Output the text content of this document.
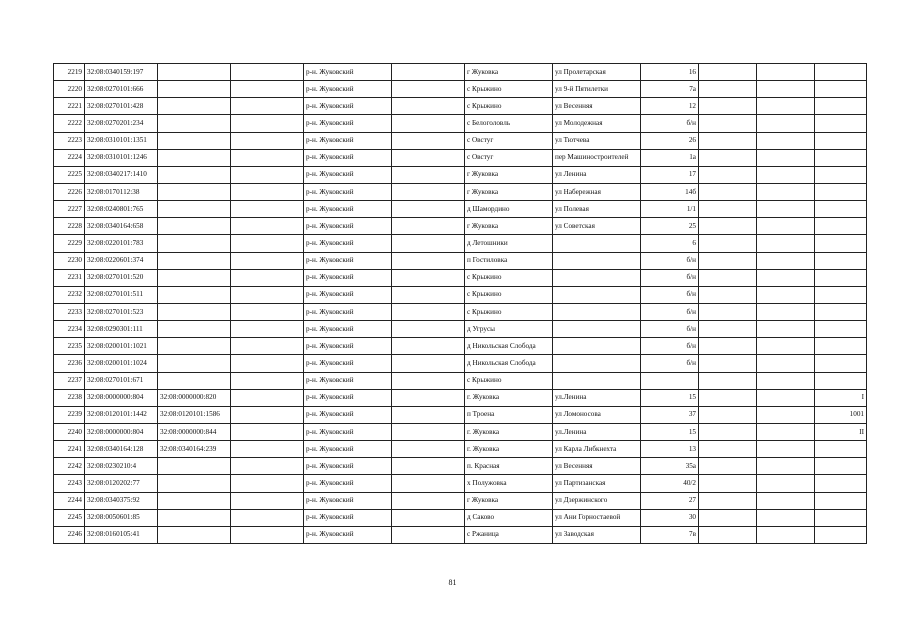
2219	32:08:0340159:197			р-н. Жуковский		г Жуковка	ул Пролетарская	16			
2220	32:08:0270101:666			р-н. Жуковский		с Крыжино	ул 9-й Пятилетки	7а			
2221	32:08:0270101:428			р-н. Жуковский		с Крыжино	ул Весенняя	12			
2222	32:08:0270201:234			р-н. Жуковский		с Белоголовль	ул Молодежная	б/н			
2223	32:08:0310101:1351			р-н. Жуковский		с Овстуг	ул Тютчева	26			
2224	32:08:0310101:1246			р-н. Жуковский		с Овстуг	пер Машиностроителей	1а			
2225	32:08:0340217:1410			р-н. Жуковский		г Жуковка	ул Ленина	17			
2226	32:08:0170112:38			р-н. Жуковский		г Жуковка	ул Набережная	14б			
2227	32:08:0240801:765			р-н. Жуковский		д Шамордино	ул Полевая	1/1			
2228	32:08:0340164:658			р-н. Жуковский		г Жуковка	ул Советская	25			
2229	32:08:0220101:783			р-н. Жуковский		д Летошники		6			
2230	32:08:0220601:374			р-н. Жуковский		п Гостиловка		б/н			
2231	32:08:0270101:520			р-н. Жуковский		с Крыжино		б/н			
2232	32:08:0270101:511			р-н. Жуковский		с Крыжино		б/н			
2233	32:08:0270101:523			р-н. Жуковский		с Крыжино		б/н			
2234	32:08:0290301:111			р-н. Жуковский		д Угрусы		б/н			
2235	32:08:0200101:1021			р-н. Жуковский		д Никольская Слобода		б/н			
2236	32:08:0200101:1024			р-н. Жуковский		д Никольская Слобода		б/н			
2237	32:08:0270101:671			р-н. Жуковский		с Крыжино					
2238	32:08:0000000:804	32:08:0000000:820		р-н. Жуковский		г. Жуковка	ул.Ленина	15			I
2239	32:08:0120101:1442	32:08:0120101:1586		р-н. Жуковский		п Троена	ул Ломоносова	37			1001
2240	32:08:0000000:804	32:08:0000000:844		р-н. Жуковский		г. Жуковка	ул.Ленина	15			II
2241	32:08:0340164:128	32:08:0340164:239		р-н. Жуковский		г. Жуковка	ул Карла Либкнехта	13			
2242	32:08:0230210:4			р-н. Жуковский		п. Красная	ул Весенняя	35а			
2243	32:08:0120202:77			р-н. Жуковский		х Полужовка	ул Партизанская	40/2			
2244	32:08:0340375:92			р-н. Жуковский		г Жуковка	ул Дзержинского	27			
2245	32:08:0050601:85			р-н. Жуковский		д Саково	ул Ани Горностаевой	30			
2246	32:08:0160105:41			р-н. Жуковский		с Ржаница	ул Заводская	7в			
81
